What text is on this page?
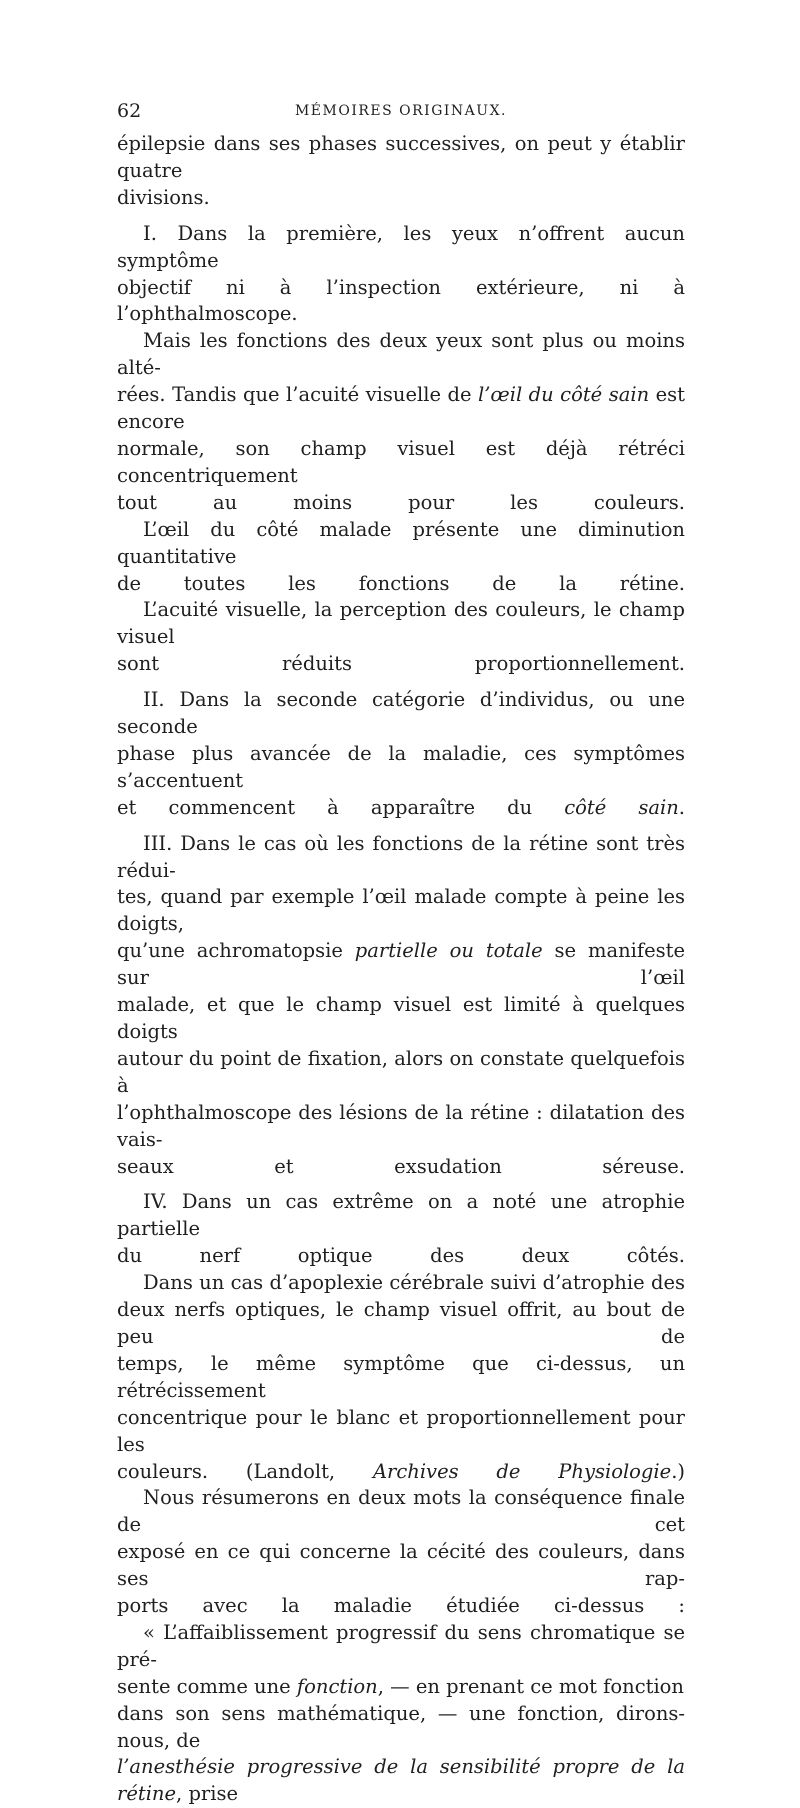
62	MÉMOIRES ORIGINAUX.

épilepsie dans ses phases successives, on peut y établir quatre
divisions.

I. Dans la première, les yeux n’offrent aucun symptôme
objectif ni à l’inspection extérieure, ni à l’ophthalmoscope.

Mais les fonctions des deux yeux sont plus ou moins alté-
rées. Tandis que l’acuité visuelle de l’œil du côté sain est encore
normale, son champ visuel est déjà rétréci concentriquement
tout au moins pour les couleurs.

L’œil du côté malade présente une diminution quantitative
de toutes les fonctions de la rétine.

L’acuité visuelle, la perception des couleurs, le champ visuel
sont réduits proportionnellement.

II. Dans la seconde catégorie d’individus, ou une seconde
phase plus avancée de la maladie, ces symptômes s’accentuent
et commencent à apparaître du côté sain.

III. Dans le cas où les fonctions de la rétine sont très rédui-
tes, quand par exemple l’œil malade compte à peine les doigts,
qu’une achromatopsie partielle ou totale se manifeste sur l’œil
malade, et que le champ visuel est limité à quelques doigts
autour du point de fixation, alors on constate quelquefois à
l’ophthalmoscope des lésions de la rétine : dilatation des vais-
seaux et exsudation séreuse.

IV. Dans un cas extrême on a noté une atrophie partielle
du nerf optique des deux côtés.

Dans un cas d’apoplexie cérébrale suivi d’atrophie des
deux nerfs optiques, le champ visuel offrit, au bout de peu de
temps, le même symptôme que ci-dessus, un rétrécissement
concentrique pour le blanc et proportionnellement pour les
couleurs. (Landolt, Archives de Physiologie.)

Nous résumerons en deux mots la conséquence finale de cet
exposé en ce qui concerne la cécité des couleurs, dans ses rap-
ports avec la maladie étudiée ci-dessus :

« L’affaiblissement progressif du sens chromatique se pré-
sente comme une fonction, — en prenant ce mot fonction
dans son sens mathématique, — une fonction, dirons-nous, de
l’anesthésie progressive de la sensibilité propre de la rétine, prise
